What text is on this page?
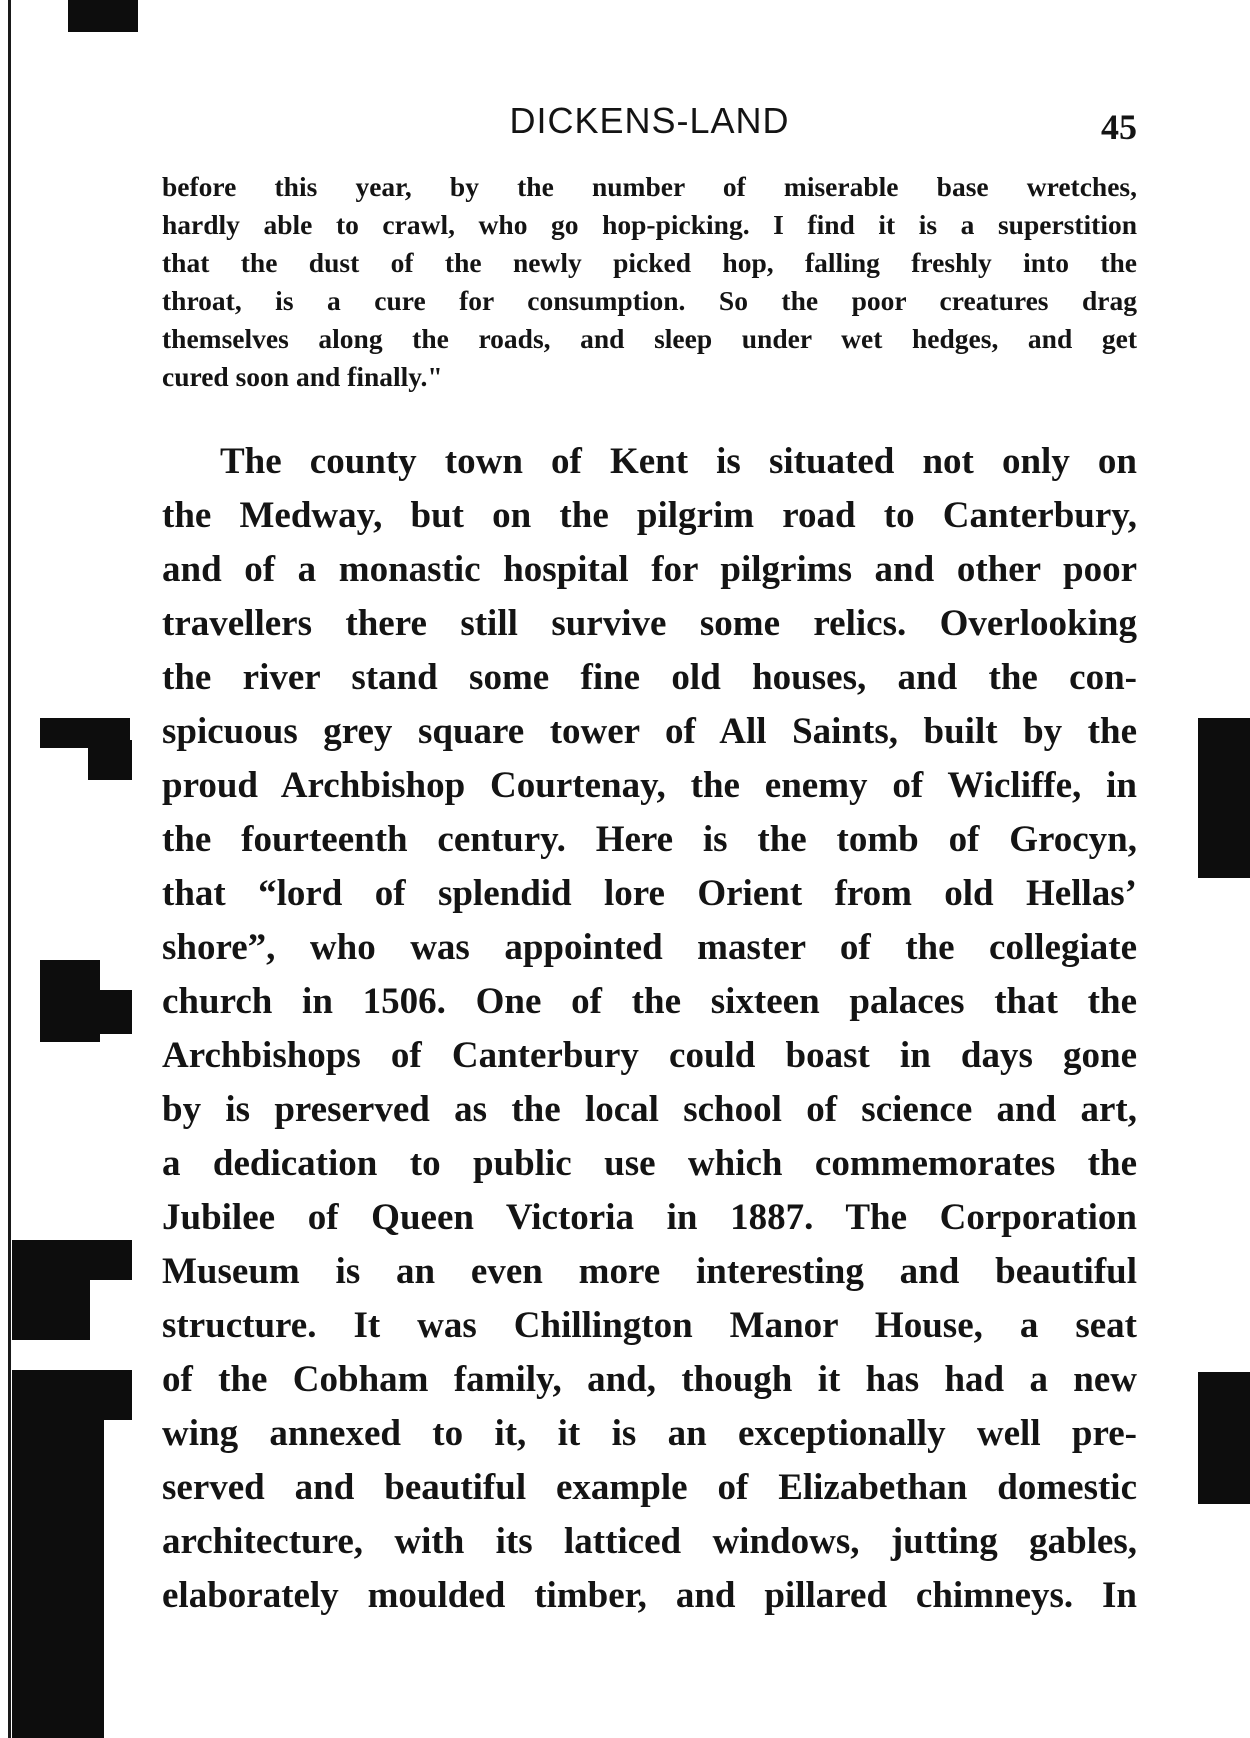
DICKENS-LAND	45
before this year, by the number of miserable base wretches,
hardly able to crawl, who go hop-picking. I find it is a superstition
that the dust of the newly picked hop, falling freshly into the
throat, is a cure for consumption. So the poor creatures drag
themselves along the roads, and sleep under wet hedges, and get
cured soon and finally."
The county town of Kent is situated not only on
the Medway, but on the pilgrim road to Canterbury,
and of a monastic hospital for pilgrims and other poor
travellers there still survive some relics. Overlooking
the river stand some fine old houses, and the con-
spicuous grey square tower of All Saints, built by the
proud Archbishop Courtenay, the enemy of Wicliffe, in
the fourteenth century. Here is the tomb of Grocyn,
that “lord of splendid lore Orient from old Hellas’
shore”, who was appointed master of the collegiate
church in 1506. One of the sixteen palaces that the
Archbishops of Canterbury could boast in days gone
by is preserved as the local school of science and art,
a dedication to public use which commemorates the
Jubilee of Queen Victoria in 1887. The Corporation
Museum is an even more interesting and beautiful
structure. It was Chillington Manor House, a seat
of the Cobham family, and, though it has had a new
wing annexed to it, it is an exceptionally well pre-
served and beautiful example of Elizabethan domestic
architecture, with its latticed windows, jutting gables,
elaborately moulded timber, and pillared chimneys. In
